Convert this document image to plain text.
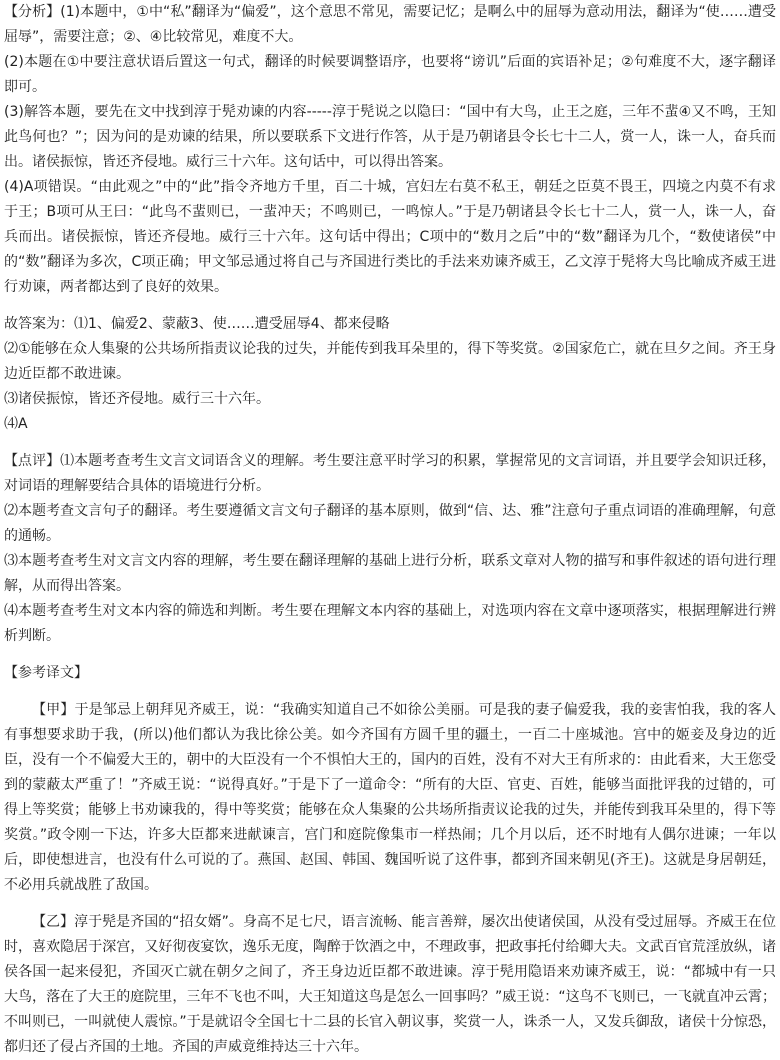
【分析】(1)本题中，①中“私”翻译为“偏爱”，这个意思不常见，需要记忆；是啊么中的屈辱为意动用法，翻译为“使……遭受屈辱”，需要注意；②、④比较常见，难度不大。

(2)本题在①中要注意状语后置这一句式，翻译的时候要调整语序，也要将“谤讥”后面的宾语补足；②句难度不大，逐字翻译即可。

(3)解答本题，要先在文中找到淳于髡劝谏的内容-----淳于髡说之以隐曰：“国中有大鸟，止王之庭，三年不蜚④又不鸣，王知此鸟何也？”；因为问的是劝谏的结果，所以要联系下文进行作答，从于是乃朝诸县令长七十二人，赏一人，诛一人，奋兵而出。诸侯振惊，皆还齐侵地。威行三十六年。这句话中，可以得出答案。

(4)A项错误。“由此观之”中的“此”指令齐地方千里，百二十城，宫妇左右莫不私王，朝廷之臣莫不畏王，四境之内莫不有求于王；B项可从王曰：“此鸟不蜚则已，一蜚冲天；不鸣则已，一鸣惊人。”于是乃朝诸县令长七十二人，赏一人，诛一人，奋兵而出。诸侯振惊，皆还齐侵地。威行三十六年。这句话中得出；C项中的“数月之后”中的“数”翻译为几个，“数使诸侯”中的“数”翻译为多次，C项正确；甲文邹忌通过将自己与齐国进行类比的手法来劝谏齐威王，乙文淳于髡将大鸟比喻成齐威王进行劝谏，两者都达到了良好的效果。

故答案为：⑴1、偏爱2、蒙蔽3、使……遭受屈辱4、都来侵略

⑵①能够在众人集聚的公共场所指责议论我的过失，并能传到我耳朵里的，得下等奖赏。②国家危亡，就在旦夕之间。齐王身边近臣都不敢进谏。

⑶诸侯振惊，皆还齐侵地。威行三十六年。

⑷A

【点评】⑴本题考查考生文言文词语含义的理解。考生要注意平时学习的积累，掌握常见的文言词语，并且要学会知识迁移，对词语的理解要结合具体的语境进行分析。

⑵本题考查文言句子的翻译。考生要遵循文言文句子翻译的基本原则，做到“信、达、雅”注意句子重点词语的准确理解，句意的通畅。

⑶本题考查考生对文言文内容的理解，考生要在翻译理解的基础上进行分析，联系文章对人物的描写和事件叙述的语句进行理解，从而得出答案。

⑷本题考查考生对文本内容的筛选和判断。考生要在理解文本内容的基础上，对选项内容在文章中逐项落实，根据理解进行辨析判断。

【参考译文】

【甲】于是邹忌上朝拜见齐威王，说：“我确实知道自己不如徐公美丽。可是我的妻子偏爱我，我的妾害怕我，我的客人有事想要求助于我，(所以)他们都认为我比徐公美。如今齐国有方圆千里的疆土，一百二十座城池。宫中的姬妾及身边的近臣，没有一个不偏爱大王的，朝中的大臣没有一个不惧怕大王的，国内的百姓，没有不对大王有所求的：由此看来，大王您受到的蒙蔽太严重了！”齐威王说：“说得真好。”于是下了一道命令：“所有的大臣、官吏、百姓，能够当面批评我的过错的，可得上等奖赏；能够上书劝谏我的，得中等奖赏；能够在众人集聚的公共场所指责议论我的过失，并能传到我耳朵里的，得下等奖赏。”政令刚一下达，许多大臣都来进献谏言，宫门和庭院像集市一样热闹；几个月以后，还不时地有人偶尔进谏；一年以后，即使想进言，也没有什么可说的了。燕国、赵国、韩国、魏国听说了这件事，都到齐国来朝见(齐王)。这就是身居朝廷，不必用兵就战胜了敌国。

【乙】淳于髡是齐国的“招女婿”。身高不足七尺，语言流畅、能言善辩，屡次出使诸侯国，从没有受过屈辱。齐威王在位时，喜欢隐居于深宫，又好彻夜宴饮，逸乐无度，陶醉于饮酒之中，不理政事，把政事托付给卿大夫。文武百官荒淫放纵，诸侯各国一起来侵犯，齐国灭亡就在朝夕之间了，齐王身边近臣都不敢进谏。淳于髡用隐语来劝谏齐威王，说：“都城中有一只大鸟，落在了大王的庭院里，三年不飞也不叫，大王知道这鸟是怎么一回事吗？”威王说：“这鸟不飞则已，一飞就直冲云霄；不叫则已，一叫就使人震惊。”于是就诏令全国七十二县的长官入朝议事，奖赏一人，诛杀一人，又发兵御敌，诸侯十分惊恐，都归还了侵占齐国的土地。齐国的声威竟维持达三十六年。
